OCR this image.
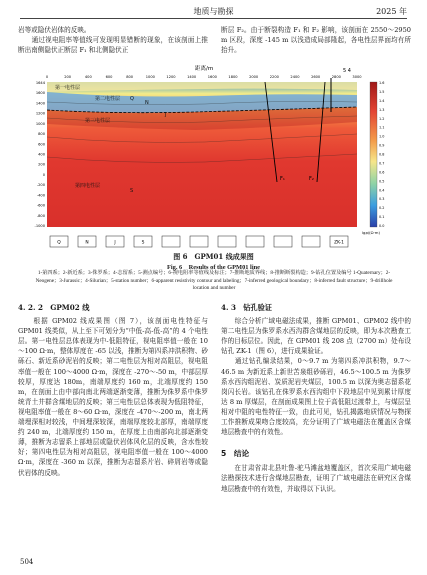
地质与勘探	2025 年

岩等或隐伏岩体的反映。

　　通过视电阻率等值线可发现明显错断的现象，在该剖面上推断出南侧隐伏正断层 F₁ 和北侧隐伏正

断层 F₂。由于断裂构造 F₁ 和 F₂ 影响，该剖面在 2550～2950 m 区段，深度 -145 m 以浅造成局部隆起，各电性层界面均有所抬升。

距离/m	5 4
0	200	400	600	800	1000	1200	1400	1600	1800	2000	2200	2400	2600	2800	3000
F₁	F₂
第一电性层
第二电性层
第三电性层
第四电性层
Q
N
J
S
1644
1600
1400
1200
1000
800
600
400
200
0
-200
-400
-600
-800
-1000
1.6
1.5
1.4
1.3
1.2
1.1
1.0
0.9
0.8
0.7
0.6
0.5
0.4
0.3
0.2
0.1
0.0
lgρ/(Ω·m)
Q	N	J	S	ZK-1
图 6　GPM01 线成果图
Fig. 6　Results of the GPM01 line
1-第四系；2-新近系；3-侏罗系；4-志留系；5-测点编号；6-视电阻率等值线及标注；7-推断地质界线；8-推断断裂构造；9-钻孔位置及编号 1-Quaternary；2-Neogene；3-Jurassic；4-Silurian；5-station number；6-apparent resistivity contour and labeling；7-inferred geological boundary；8-inferred fault structure；9-drillhole location and number
4. 2. 2　GPM02 线

　　根据 GPM02 线成果图（图 7），该剖面电性特征与 GPM01 线类似，从上至下可划分为“中低-高-低-高”的 4 个电性层。第一电性层总体表现为中-低阻特征，视电阻率值一般在 10～100 Ω·m，整体厚度在 -65 以浅，推断为第四系冲洪积物、砂砾石、新近系砂泥岩的反映；第二电性层为相对高阻层，视电阻率值一般在 100～4000 Ω·m，深度在 -270～-50 m，中部层厚较厚，厚度达 180m，南端厚度约 160 m，北端厚度约 150 m，在剖面上由中部向南北两端逐渐变薄，推断为侏罗系中侏罗统青土井群含煤地层的反映；第三电性层总体表现为低阻特征，视电阻率值一般在 8～60 Ω·m，深度在 -470～-200 m，南北两端埋深相对较浅，中间埋深较深，南端厚度较北部厚，南端厚度约 240 m，北端厚度约 150 m，在厚度上由南部向北部逐渐变薄，推断为志留系上部地层或隐伏岩体风化层的反映，含水性较好；第四电性层为相对高阻层，视电阻率值一般在 100～4000 Ω·m，深度在 -360 m 以深，推断为志留系片岩、碎屑岩等或隐伏岩体的反映。

4. 3　钻孔验证

　　综合分析广域电磁法成果，推断 GPM01、GPM02 线中的第二电性层为侏罗系水西沟群含煤地层的反映，即为本次勘查工作的目标层位。因此，在 GPM01 线 208 点（2700 m）处布设钻孔 ZK-1（图 6），进行成果验证。

　　通过钻孔编录结果，0～9.7 m 为第四系冲洪积物，9.7～46.5 m 为新近系上新世苦泉组砂砾岩，46.5～100.5 m 为侏罗系水西沟组泥岩、炭质泥岩夹煤层，100.5 m 以深为奥志留系花岗闪长岩。该钻孔在侏罗系水西沟组中下段地层中见到累计厚度达 8 m 厚煤层，在剖面成果图上位于高低阻过渡带上，与煤层呈相对中阻的电性特征一致，由此可见，钻孔揭露地质情况与物探工作推断成果吻合度较高，充分证明了广域电磁法在覆盖区含煤地层勘查中的有效性。

5　结论

　　在甘肃省肃北县吐鲁-驼马滩盆地覆盖区，首次采用广域电磁法勘探技术进行含煤地层勘查，证明了广域电磁法在研究区含煤地层勘查中的有效性，并取得以下认识。

504
